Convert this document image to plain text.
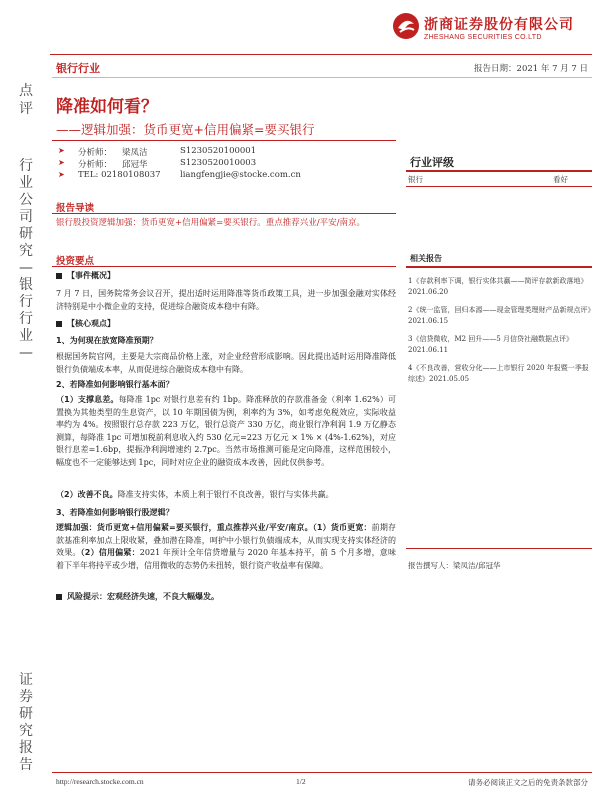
浙商证券股份有限公司
ZHESHANG SECURITIES CO.LTD
银行行业	报告日期：2021 年 7 月 7 日
点
评
行
业
公
司
研
究
—
银
行
行
业
—
证
券
研
究
报
告
降准如何看？
——逻辑加强：货币更宽+信用偏紧=要买银行
➤ 分析师： 梁凤洁	S1230520100001
➤ 分析师： 邱冠华	S1230520010003
➤ TEL: 02180108037 liangfengjie@stocke.com.cn
报告导读
银行股投资逻辑加强：货币更宽+信用偏紧=要买银行。重点推荐兴业/平安/南京。
投资要点
【事件概况】
7 月 7 日，国务院常务会议召开，提出适时运用降准等货币政策工具，进一步加强金融对实体经济特别是中小微企业的支持，促进综合融资成本稳中有降。
【核心观点】
1、为何现在放宽降准预期？
根据国务院官网，主要是大宗商品价格上涨，对企业经营形成影响。因此提出适时运用降准降低银行负债端成本率，从而促进综合融资成本稳中有降。
2、若降准如何影响银行基本面？
（1）支撑息差。每降准 1pc 对银行息差有约 1bp。降准释放的存款准备金（利率 1.62%）可置换为其他类型的生息资产，以 10 年期国债为例，利率约为 3%，如考虑免税效应，实际收益率约为 4%。按照银行总存款 223 万亿，银行总资产 330 万亿，商业银行净利润 1.9 万亿静态测算，每降准 1pc 可增加税前利息收入约 530 亿元=223 万亿元 × 1% × (4%-1.62%)，对应银行息差=1.6bp，提振净利润增速约 2.7pc。当然市场推测可能是定向降准，这样范围较小，幅度也不一定能够达到 1pc，同时对应企业的融资成本改善，因此仅供参考。
（2）改善不良。降准支持实体，本质上利于银行不良改善，银行与实体共赢。
3、若降准如何影响银行股逻辑？
逻辑加强：货币更宽+信用偏紧=要买银行，重点推荐兴业/平安/南京。（1）货币更宽：前期存款基准利率加点上限收紧，叠加潜在降准，呵护中小银行负债端成本，从而实现支持实体经济的效果。（2）信用偏紧：2021 年预计全年信贷增量与 2020 年基本持平，前 5 个月多增，意味着下半年将持平或少增，信用微收的态势仍未扭转，银行资产收益率有保障。
风险提示：宏观经济失速，不良大幅爆发。
行业评级
银行	看好
相关报告
1《存款利率下调，银行实体共赢——简评存款新政落地》2021.06.20
2《统一监管，回归本源——现金管理类理财产品新规点评》2021.06.15
3《信贷微收，M2 回升——5 月信贷社融数据点评》2021.06.11
4《不良改善，营收分化——上市银行 2020 年报暨一季报综述》2021.05.05
报告撰写人：梁凤洁/邱冠华
http://research.stocke.com.cn	1/2	请务必阅读正文之后的免责条款部分
